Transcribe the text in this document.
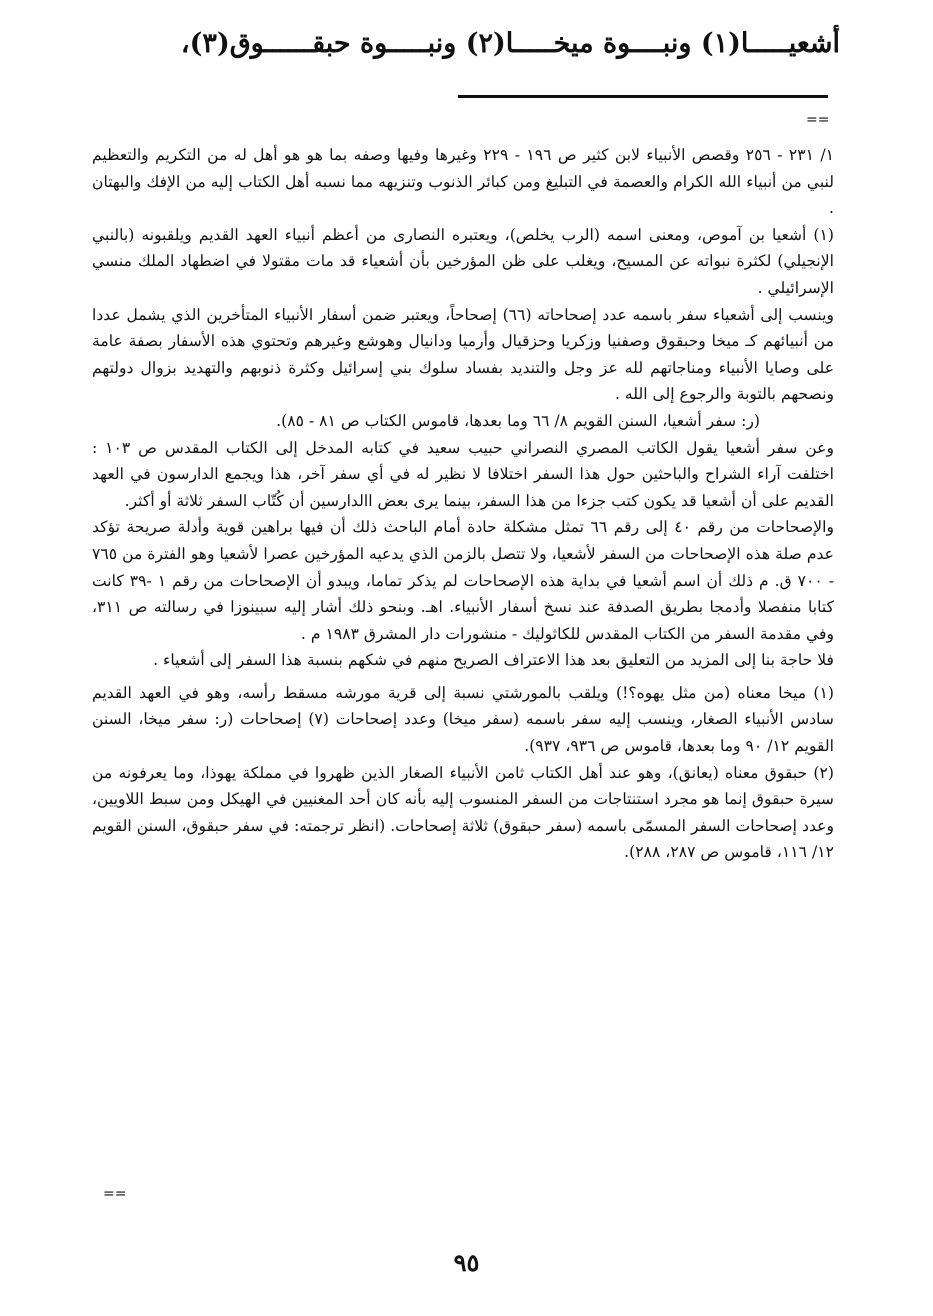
أشعيـــــا(١) ونبــــوة ميخـــــا(٢) ونبـــــوة حبقــــــوق(٣)،
==

١/ ٢٣١ - ٢٥٦ وقصص الأنبياء لابن كثير ص ١٩٦ - ٢٢٩ وغيرها وفيها وصفه بما هو هو أهل له من التكريم والتعظيم لنبي من أنبياء الله الكرام والعصمة في التبليغ ومن كبائر الذنوب وتنزيهه مما نسبه أهل الكتاب إليه من الإفك والبهتان .

(١) أشعيا بن آموص، ومعنى اسمه (الرب يخلص)، ويعتبره النصارى من أعظم أنبياء العهد القديم ويلقبونه (بالنبي الإنجيلي) لكثرة نبواته عن المسيح، ويغلب على ظن المؤرخين بأن أشعياء قد مات مقتولا في اضطهاد الملك منسي الإسرائيلي .

وينسب إلى أشعياء سفر باسمه عدد إصحاحاته (٦٦) إصحاحاً، ويعتبر ضمن أسفار الأنبياء المتأخرين الذي يشمل عددا من أنبيائهم كـ ميخا وحبقوق وصفنيا وزكريا وحزقيال وأرميا ودانيال وهوشع وغيرهم وتحتوي هذه الأسفار بصفة عامة على وصايا الأنبياء ومناجاتهم لله عز وجل والتنديد بفساد سلوك بني إسرائيل وكثرة ذنوبهم والتهديد بزوال دولتهم ونصحهم بالتوبة والرجوع إلى الله .

(ر: سفر أشعيا، السنن القويم ٨/ ٦٦ وما بعدها، قاموس الكتاب ص ٨١ - ٨٥).

وعن سفر أشعيا يقول الكاتب المصري النصراني حبيب سعيد في كتابه المدخل إلى الكتاب المقدس ص ١٠٣ : اختلفت آراء الشراح والباحثين حول هذا السفر اختلافا لا نظير له في أي سفر آخر، هذا ويجمع الدارسون في العهد القديم على أن أشعيا قد يكون كتب جزءا من هذا السفر، بينما يرى بعض االدارسين أن كُتّاب السفر ثلاثة أو أكثر.

والإصحاحات من رقم ٤٠ إلى رقم ٦٦ تمثل مشكلة حادة أمام الباحث ذلك أن فيها براهين قوية وأدلة صريحة تؤكد عدم صلة هذه الإصحاحات من السفر لأشعيا، ولا تتصل بالزمن الذي يدعيه المؤرخين عصرا لأشعيا وهو الفترة من ٧٦٥ - ٧٠٠ ق. م ذلك أن اسم أشعيا في بداية هذه الإصحاحات لم يذكر تماما، ويبدو أن الإصحاحات من رقم ١ -٣٩ كانت كتابا منفصلا وأدمجا بطريق الصدفة عند نسخ أسفار الأنبياء. اهـ. وبنحو ذلك أشار إليه سبينوزا في رسالته ص ٣١١، وفي مقدمة السفر من الكتاب المقدس للكاثوليك - منشورات دار المشرق ١٩٨٣ م .

فلا حاجة بنا إلى المزيد من التعليق بعد هذا الاعتراف الصريح منهم في شكهم بنسبة هذا السفر إلى أشعياء .

(١) ميخا معناه (من مثل يهوه؟!) ويلقب بالمورشتي نسبة إلى قرية مورشه مسقط رأسه، وهو في العهد القديم سادس الأنبياء الصغار، وينسب إليه سفر باسمه (سفر ميخا) وعدد إصحاحات (٧) إصحاحات (ر: سفر ميخا، السنن القويم ١٢/ ٩٠ وما بعدها، قاموس ص ٩٣٦، ٩٣٧).

(٢) حبقوق معناه (يعانق)، وهو عند أهل الكتاب ثامن الأنبياء الصغار الذين ظهروا في مملكة يهوذا، وما يعرفونه من سيرة حبقوق إنما هو مجرد استنتاجات من السفر المنسوب إليه بأنه كان أحد المغنيين في الهيكل ومن سبط اللاويين، وعدد إصحاحات السفر المسمّى باسمه (سفر حبقوق) ثلاثة إصحاحات. (انظر ترجمته: في سفر حبقوق، السنن القويم ١٢/ ١١٦، قاموس ص ٢٨٧، ٢٨٨).

==
٩٥
